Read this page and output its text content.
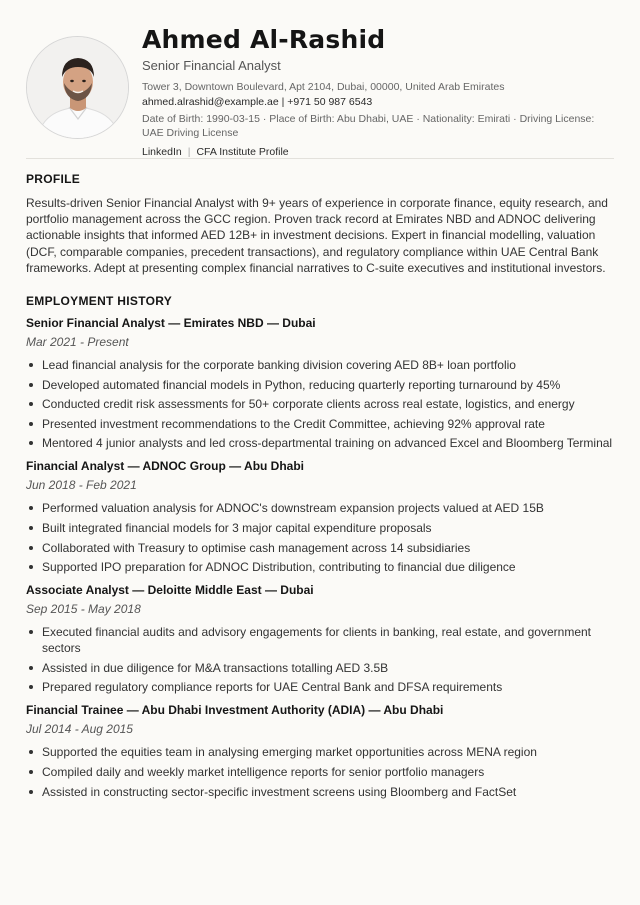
Ahmed Al-Rashid
Senior Financial Analyst
Tower 3, Downtown Boulevard, Apt 2104, Dubai, 00000, United Arab Emirates
ahmed.alrashid@example.ae | +971 50 987 6543
Date of Birth: 1990-03-15 · Place of Birth: Abu Dhabi, UAE · Nationality: Emirati · Driving License: UAE Driving License
LinkedIn | CFA Institute Profile
PROFILE
Results-driven Senior Financial Analyst with 9+ years of experience in corporate finance, equity research, and portfolio management across the GCC region. Proven track record at Emirates NBD and ADNOC delivering actionable insights that informed AED 12B+ in investment decisions. Expert in financial modelling, valuation (DCF, comparable companies, precedent transactions), and regulatory compliance within UAE Central Bank frameworks. Adept at presenting complex financial narratives to C-suite executives and institutional investors.
EMPLOYMENT HISTORY
Senior Financial Analyst — Emirates NBD — Dubai
Mar 2021 - Present
Lead financial analysis for the corporate banking division covering AED 8B+ loan portfolio
Developed automated financial models in Python, reducing quarterly reporting turnaround by 45%
Conducted credit risk assessments for 50+ corporate clients across real estate, logistics, and energy
Presented investment recommendations to the Credit Committee, achieving 92% approval rate
Mentored 4 junior analysts and led cross-departmental training on advanced Excel and Bloomberg Terminal
Financial Analyst — ADNOC Group — Abu Dhabi
Jun 2018 - Feb 2021
Performed valuation analysis for ADNOC's downstream expansion projects valued at AED 15B
Built integrated financial models for 3 major capital expenditure proposals
Collaborated with Treasury to optimise cash management across 14 subsidiaries
Supported IPO preparation for ADNOC Distribution, contributing to financial due diligence
Associate Analyst — Deloitte Middle East — Dubai
Sep 2015 - May 2018
Executed financial audits and advisory engagements for clients in banking, real estate, and government sectors
Assisted in due diligence for M&A transactions totalling AED 3.5B
Prepared regulatory compliance reports for UAE Central Bank and DFSA requirements
Financial Trainee — Abu Dhabi Investment Authority (ADIA) — Abu Dhabi
Jul 2014 - Aug 2015
Supported the equities team in analysing emerging market opportunities across MENA region
Compiled daily and weekly market intelligence reports for senior portfolio managers
Assisted in constructing sector-specific investment screens using Bloomberg and FactSet
